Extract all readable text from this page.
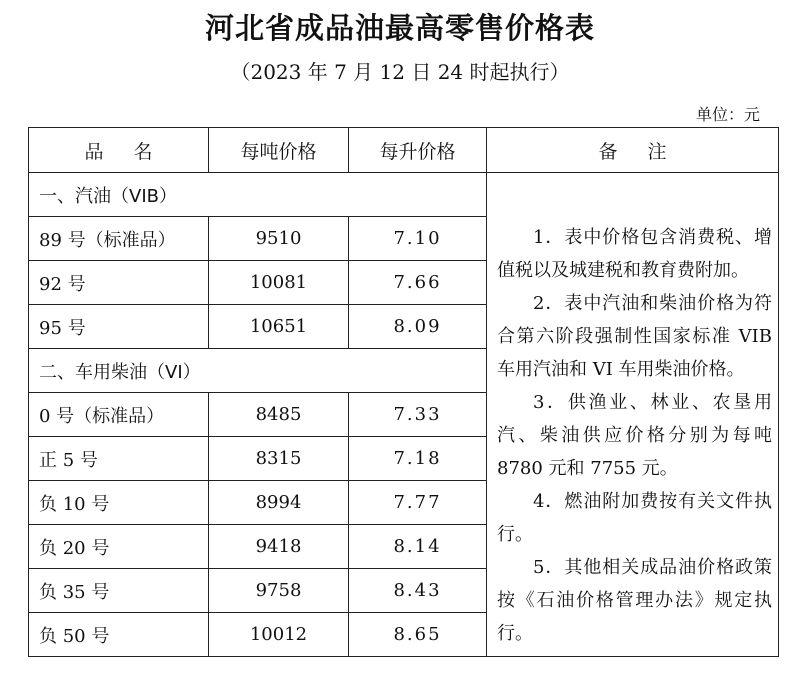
河北省成品油最高零售价格表
（2023 年 7 月 12 日 24 时起执行）
单位：元
品 名	每吨价格	每升价格	备 注
一、汽油（VIB）			1．表中价格包含消费税、增值税以及城建税和教育费附加。

2．表中汽油和柴油价格为符合第六阶段强制性国家标准 VIB 车用汽油和 VI 车用柴油价格。

3．供渔业、林业、农垦用汽、柴油供应价格分别为每吨 8780 元和 7755 元。

4．燃油附加费按有关文件执行。

5．其他相关成品油价格政策按《石油价格管理办法》规定执行。

89 号（标准品）	9510	7.10	
92 号	10081	7.66	
95 号	10651	8.09	
二、车用柴油（VI）			
0 号（标准品）	8485	7.33	
正 5 号	8315	7.18	
负 10 号	8994	7.77	
负 20 号	9418	8.14	
负 35 号	9758	8.43	
负 50 号	10012	8.65	
